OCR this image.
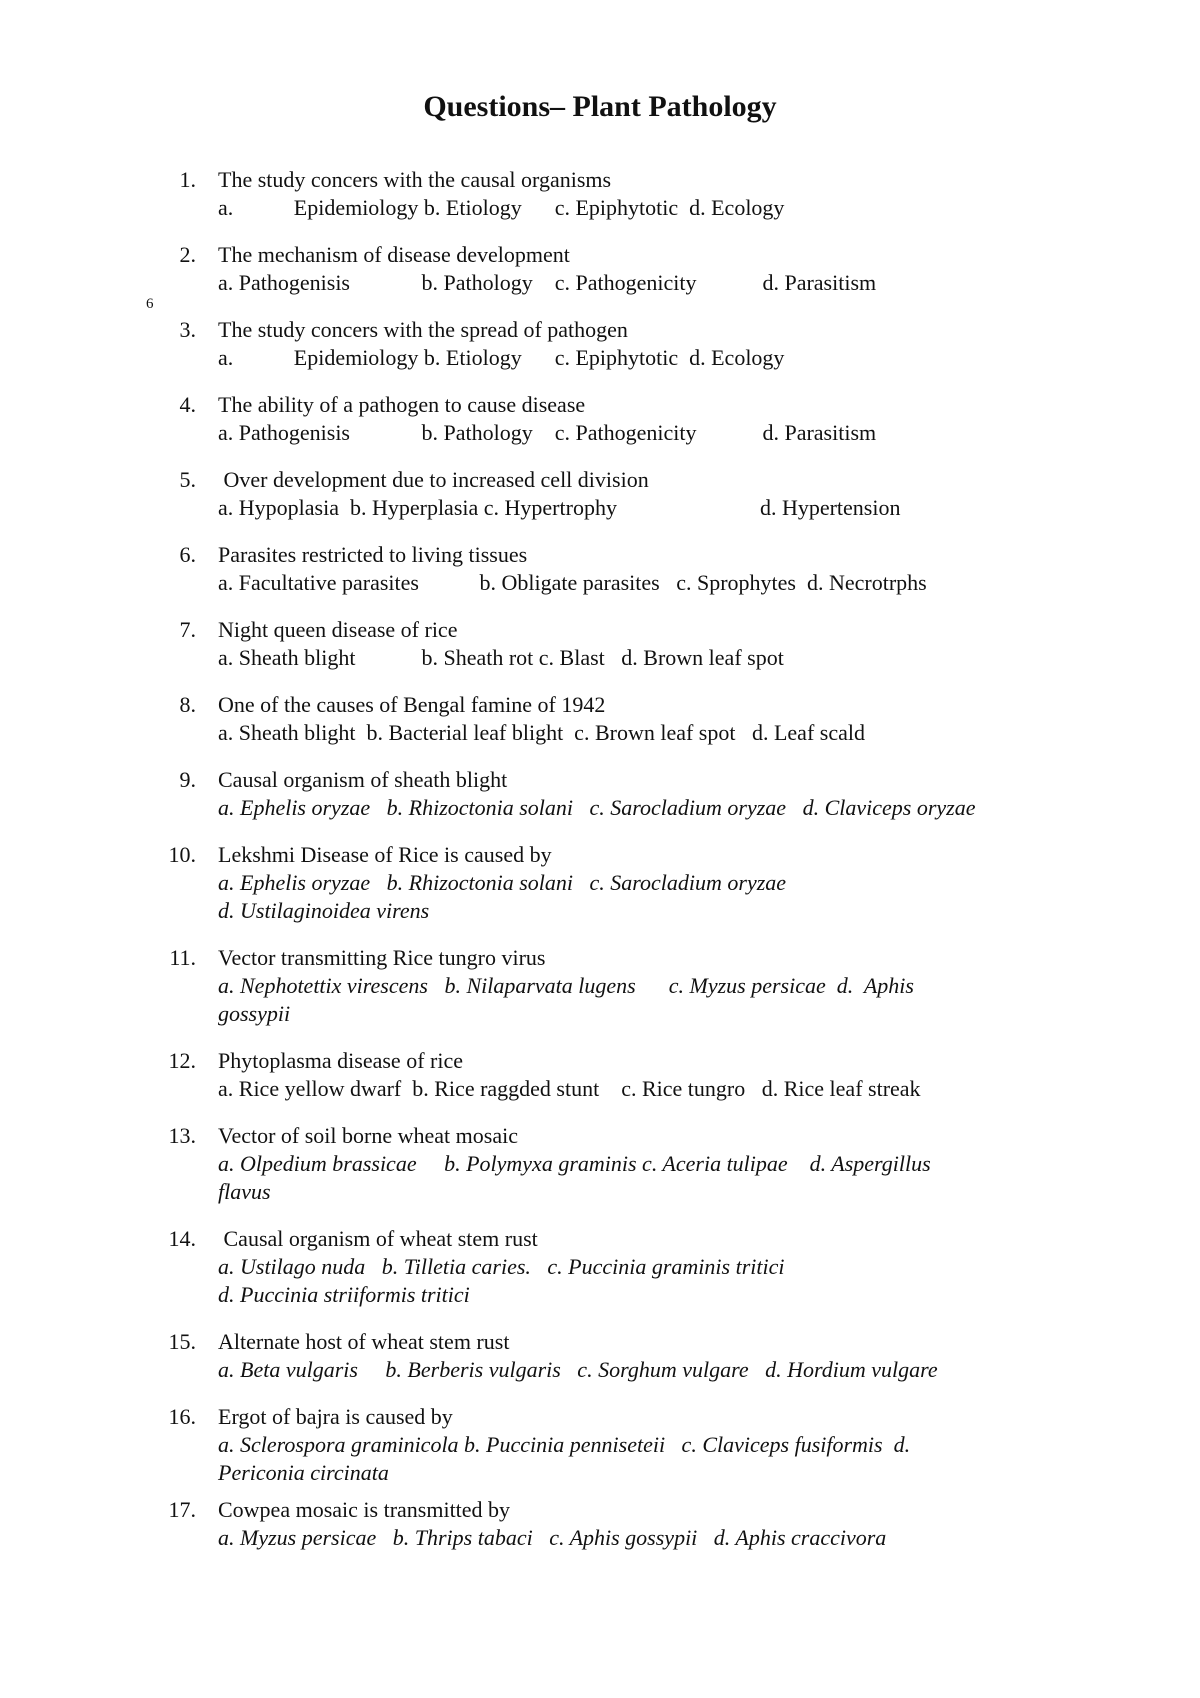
Questions– Plant Pathology
6
1. The study concers with the causal organisms
a.           Epidemiology b. Etiology      c. Epiphytotic  d. Ecology
2. The mechanism of disease development
a. Pathogenisis             b. Pathology    c. Pathogenicity            d. Parasitism
3. The study concers with the spread of pathogen
a.           Epidemiology b. Etiology      c. Epiphytotic  d. Ecology
4. The ability of a pathogen to cause disease
a. Pathogenisis             b. Pathology    c. Pathogenicity            d. Parasitism
5. Over development due to increased cell division
a. Hypoplasia  b. Hyperplasia c. Hypertrophy                          d. Hypertension
6. Parasites restricted to living tissues
a. Facultative parasites           b. Obligate parasites   c. Sprophytes  d. Necrotrphs
7. Night queen disease of rice
a. Sheath blight            b. Sheath rot c. Blast   d. Brown leaf spot
8. One of the causes of Bengal famine of 1942
a. Sheath blight  b. Bacterial leaf blight  c. Brown leaf spot   d. Leaf scald
9. Causal organism of sheath blight
a. Ephelis oryzae   b. Rhizoctonia solani   c. Sarocladium oryzae   d. Claviceps oryzae
10. Lekshmi Disease of Rice is caused by
a. Ephelis oryzae   b. Rhizoctonia solani   c. Sarocladium oryzae
d. Ustilaginoidea virens
11. Vector transmitting Rice tungro virus
a. Nephotettix virescens   b. Nilaparvata lugens      c. Myzus persicae  d.  Aphis
gossypii
12. Phytoplasma disease of rice
a. Rice yellow dwarf  b. Rice raggded stunt    c. Rice tungro   d. Rice leaf streak
13. Vector of soil borne wheat mosaic
a. Olpedium brassicae     b. Polymyxa graminis c. Aceria tulipae    d. Aspergillus
flavus
14. Causal organism of wheat stem rust
a. Ustilago nuda   b. Tilletia caries.   c. Puccinia graminis tritici
d. Puccinia striiformis tritici
15. Alternate host of wheat stem rust
a. Beta vulgaris     b. Berberis vulgaris   c. Sorghum vulgare   d. Hordium vulgare
16. Ergot of bajra is caused by
a. Sclerospora graminicola b. Puccinia penniseteii   c. Claviceps fusiformis  d.
Periconia circinata
17. Cowpea mosaic is transmitted by
a. Myzus persicae   b. Thrips tabaci   c. Aphis gossypii   d. Aphis craccivora
